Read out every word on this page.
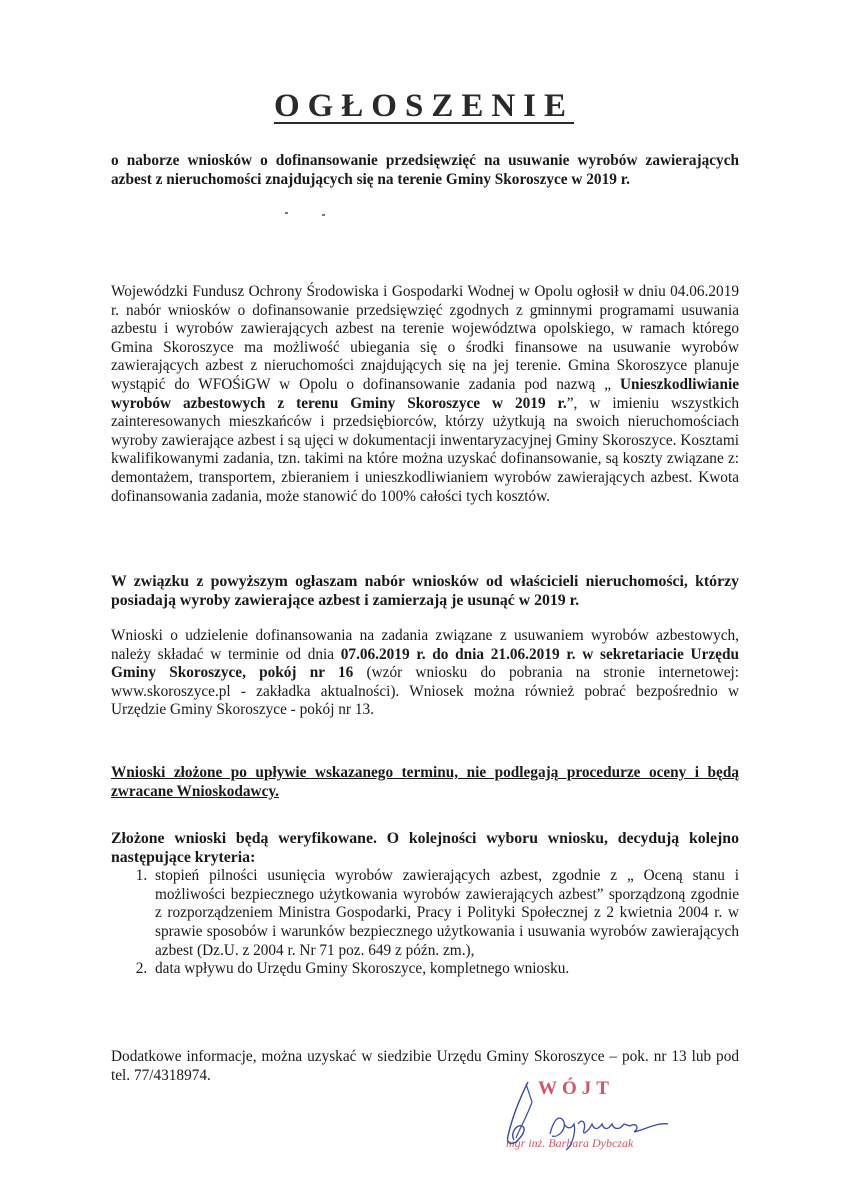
OGŁOSZENIE
o naborze wniosków o dofinansowanie przedsięwzięć na usuwanie wyrobów zawierających azbest z nieruchomości znajdujących się na terenie Gminy Skoroszyce w 2019 r.
Wojewódzki Fundusz Ochrony Środowiska i Gospodarki Wodnej w Opolu ogłosił w dniu 04.06.2019 r. nabór wniosków o dofinansowanie przedsięwzięć zgodnych z gminnymi programami usuwania azbestu i wyrobów zawierających azbest na terenie województwa opolskiego, w ramach którego Gmina Skoroszyce ma możliwość ubiegania się o środki finansowe na usuwanie wyrobów zawierających azbest z nieruchomości znajdujących się na jej terenie. Gmina Skoroszyce planuje wystąpić do WFOŚiGW w Opolu o dofinansowanie zadania pod nazwą „ Unieszkodliwianie wyrobów azbestowych z terenu Gminy Skoroszyce w 2019 r.”, w imieniu wszystkich zainteresowanych mieszkańców i przedsiębiorców, którzy użytkują na swoich nieruchomościach wyroby zawierające azbest i są ujęci w dokumentacji inwentaryzacyjnej Gminy Skoroszyce. Kosztami kwalifikowanymi zadania, tzn. takimi na które można uzyskać dofinansowanie, są koszty związane z: demontażem, transportem, zbieraniem i unieszkodliwianiem wyrobów zawierających azbest. Kwota dofinansowania zadania, może stanowić do 100% całości tych kosztów.
W związku z powyższym ogłaszam nabór wniosków od właścicieli nieruchomości, którzy posiadają wyroby zawierające azbest i zamierzają je usunąć w 2019 r.
Wnioski o udzielenie dofinansowania na zadania związane z usuwaniem wyrobów azbestowych, należy składać w terminie od dnia 07.06.2019 r. do dnia 21.06.2019 r. w sekretariacie Urzędu Gminy Skoroszyce, pokój nr 16 (wzór wniosku do pobrania na stronie internetowej: www.skoroszyce.pl - zakładka aktualności). Wniosek można również pobrać bezpośrednio w Urzędzie Gminy Skoroszyce - pokój nr 13.
Wnioski złożone po upływie wskazanego terminu, nie podlegają procedurze oceny i będą zwracane Wnioskodawcy.
Złożone wnioski będą weryfikowane. O kolejności wyboru wniosku, decydują kolejno następujące kryteria:
1. stopień pilności usunięcia wyrobów zawierających azbest, zgodnie z „ Oceną stanu i możliwości bezpiecznego użytkowania wyrobów zawierających azbest” sporządzoną zgodnie z rozporządzeniem Ministra Gospodarki, Pracy i Polityki Społecznej z 2 kwietnia 2004 r. w sprawie sposobów i warunków bezpiecznego użytkowania i usuwania wyrobów zawierających azbest (Dz.U. z 2004 r. Nr 71 poz. 649 z późn. zm.),
2. data wpływu do Urzędu Gminy Skoroszyce, kompletnego wniosku.
Dodatkowe informacje, można uzyskać w siedzibie Urzędu Gminy Skoroszyce – pok. nr 13 lub pod tel. 77/4318974.
WÓJT
mgr inż. Barbara Dybczak
